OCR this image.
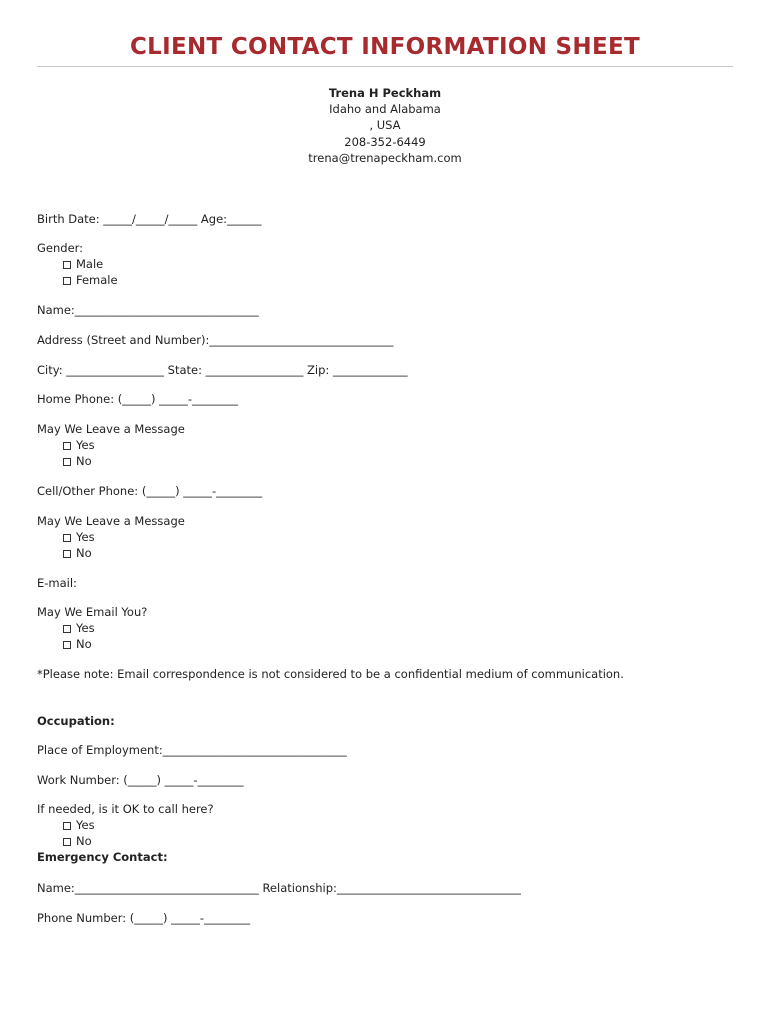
CLIENT CONTACT INFORMATION SHEET
Trena H Peckham
Idaho and Alabama
, USA
208-352-6449
trena@trenapeckham.com
Birth Date: _____/_____/_____ Age:______
Gender:
Male
Female
Name:________________________________
Address (Street and Number):________________________________
City: _________________ State: _________________ Zip: _____________
Home Phone: (_____) _____-________
May We Leave a Message
Yes
No
Cell/Other Phone: (_____) _____-________
May We Leave a Message
Yes
No
E-mail:
May We Email You?
Yes
No
*Please note: Email correspondence is not considered to be a confidential medium of communication.
Occupation:
Place of Employment:________________________________
Work Number: (_____) _____-________
If needed, is it OK to call here?
Yes
No
Emergency Contact:
Name:________________________________ Relationship:________________________________
Phone Number: (_____) _____-________
